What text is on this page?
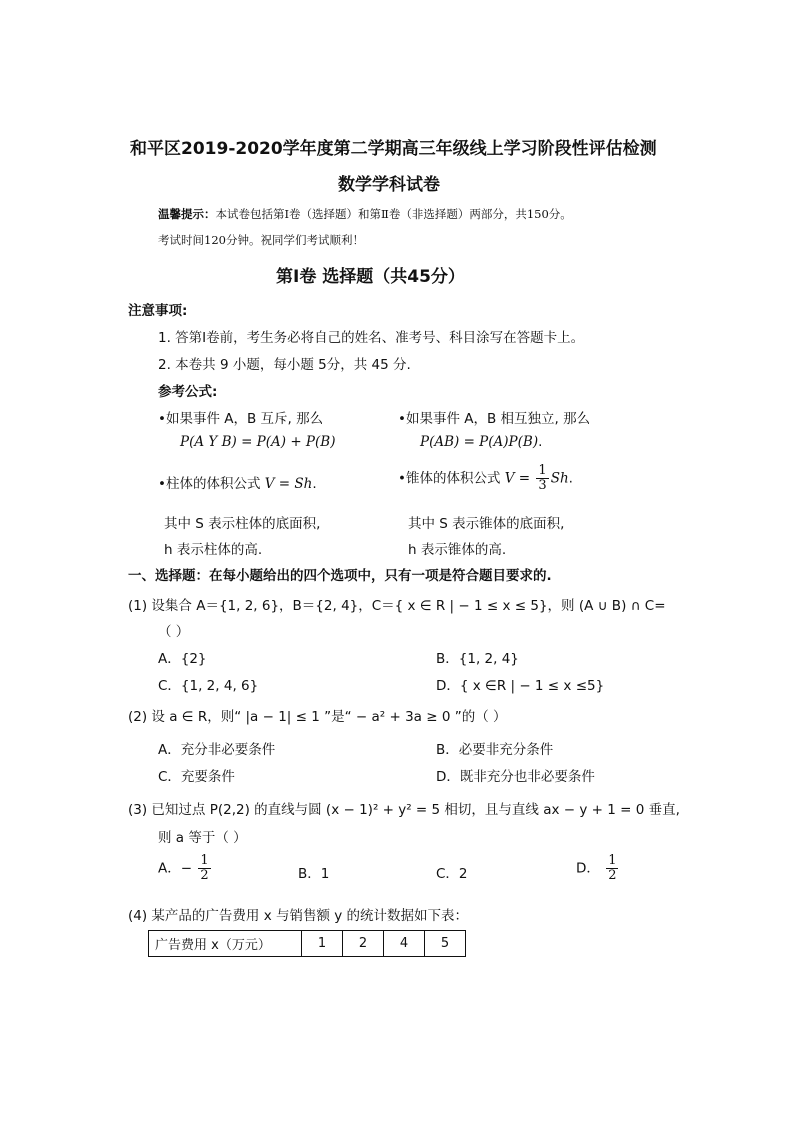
和平区2019-2020学年度第二学期高三年级线上学习阶段性评估检测
数学学科试卷
温馨提示：本试卷包括第Ⅰ卷（选择题）和第Ⅱ卷（非选择题）两部分，共150分。
考试时间120分钟。祝同学们考试顺利！
第Ⅰ卷 选择题（共45分）
注意事项:
1. 答第Ⅰ卷前，考生务必将自己的姓名、准考号、科目涂写在答题卡上。
2. 本卷共 9 小题，每小题 5分，共 45 分.
参考公式:
•如果事件 A，B 互斥, 那么
P(A Y B) = P(A) + P(B)
•如果事件 A，B 相互独立, 那么
P(AB) = P(A)P(B).
•柱体的体积公式 V = Sh.	•锥体的体积公式 $V = \frac{1}{3} Sh$.
其中 S 表示柱体的底面积,
h 表示柱体的高.
其中 S 表示锥体的底面积,
h 表示锥体的高.
一、选择题：在每小题给出的四个选项中，只有一项是符合题目要求的.
(1) 设集合 A＝{1, 2, 6}，B＝{2, 4}，C＝{ x ∈ R | − 1 ≤ x ≤ 5}，则 (A ∪ B) ∩ C=
（ ）
A．{2}	B．{1, 2, 4}
C．{1, 2, 4, 6}	D．{ x ∈R | − 1 ≤ x ≤5}
(2) 设 a ∈ R，则“ |a − 1| ≤ 1 ”是“ − a² + 3a ≥ 0 ”的（ ）
A．充分非必要条件	B．必要非充分条件
C．充要条件	D．既非充分也非必要条件
(3) 已知过点 P(2,2) 的直线与圆 (x − 1)² + y² = 5 相切，且与直线 ax − y + 1 = 0 垂直,
则 a 等于（ ）
A．− $\frac{1}{2}$	B．1	C．2	D． $\frac{1}{2}$
(4) 某产品的广告费用 x 与销售额 y 的统计数据如下表：
广告费用 x（万元）	1	2	4	5
